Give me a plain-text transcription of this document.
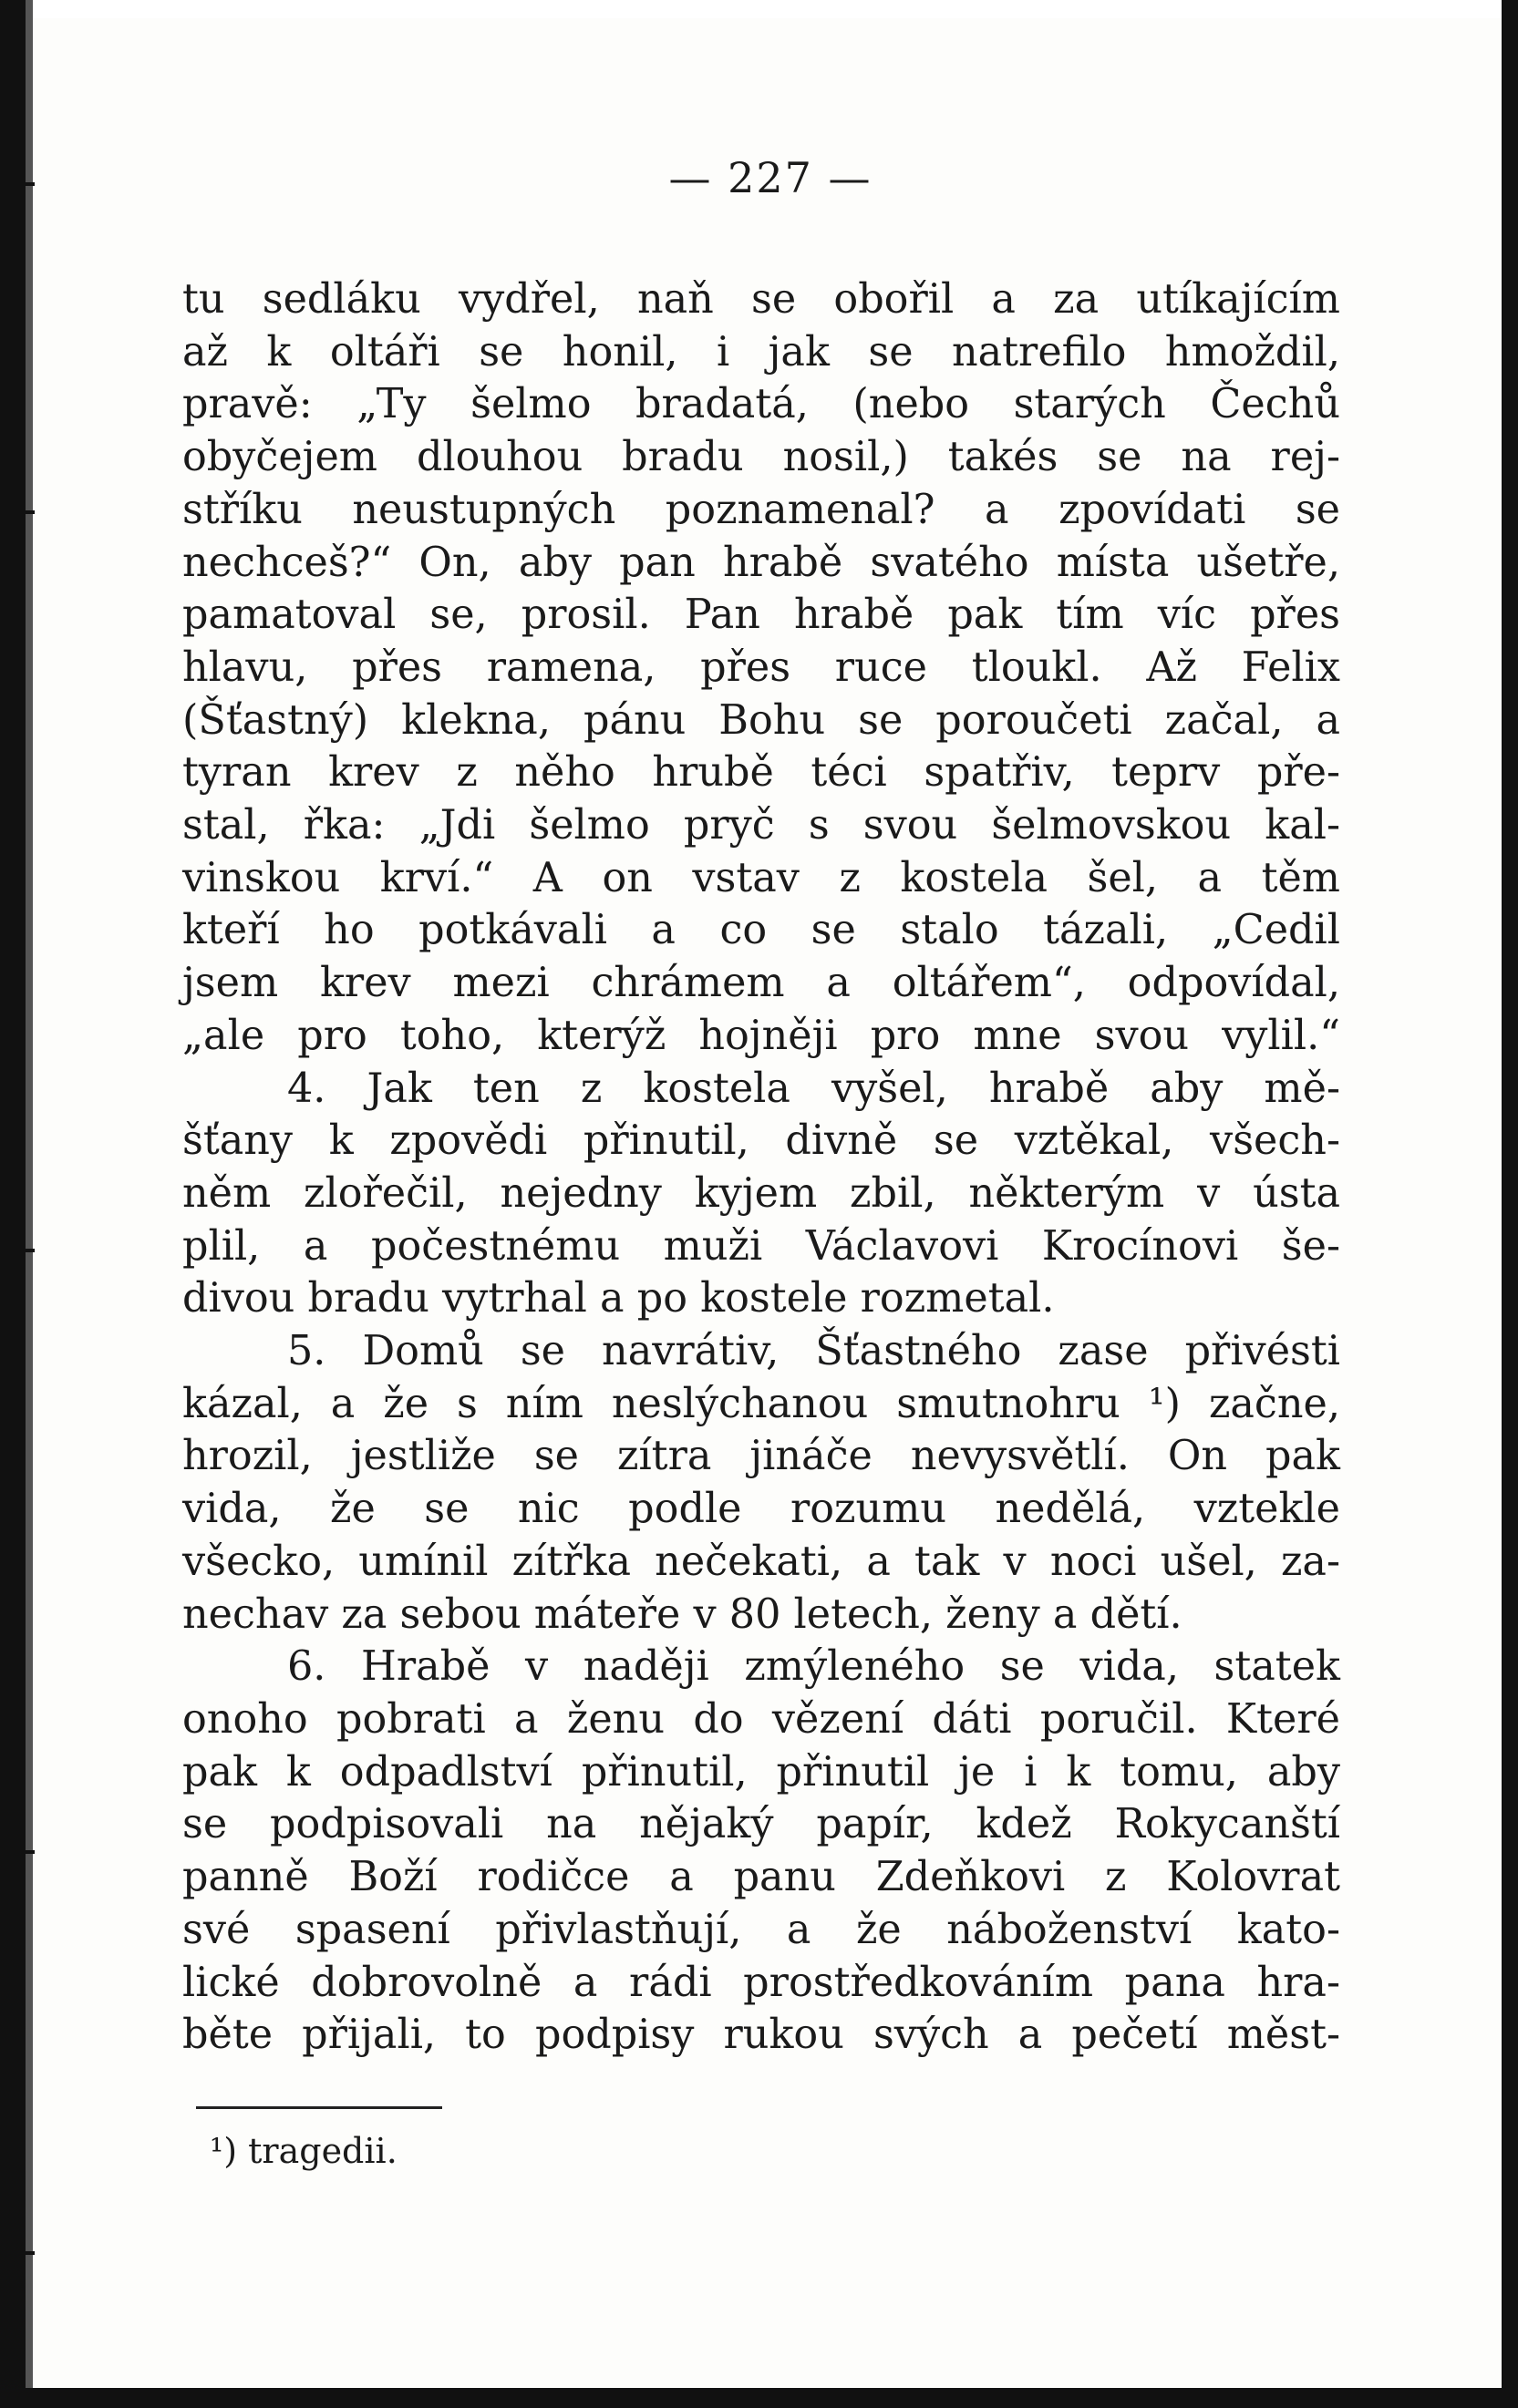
— 227 —
tu sedláku vydřel, naň se obořil a za utíkajícím
až k oltáři se honil, i jak se natrefilo hmoždil,
pravě: „Ty šelmo bradatá, (nebo starých Čechů
obyčejem dlouhou bradu nosil,) takés se na rej-
stříku neustupných poznamenal? a zpovídati se
nechceš?“ On, aby pan hrabě svatého místa ušetře,
pamatoval se, prosil. Pan hrabě pak tím víc přes
hlavu, přes ramena, přes ruce tloukl. Až Felix
(Šťastný) klekna, pánu Bohu se poroučeti začal, a
tyran krev z něho hrubě téci spatřiv, teprv pře-
stal, řka: „Jdi šelmo pryč s svou šelmovskou kal-
vinskou krví.“ A on vstav z kostela šel, a těm
kteří ho potkávali a co se stalo tázali, „Cedil
jsem krev mezi chrámem a oltářem“, odpovídal,
„ale pro toho, kterýž hojněji pro mne svou vylil.“
4. Jak ten z kostela vyšel, hrabě aby mě-
šťany k zpovědi přinutil, divně se vztěkal, všech-
něm zlořečil, nejedny kyjem zbil, některým v ústa
plil, a počestnému muži Václavovi Krocínovi še-
divou bradu vytrhal a po kostele rozmetal.
5. Domů se navrátiv, Šťastného zase přivésti
kázal, a že s ním neslýchanou smutnohru ¹) začne,
hrozil, jestliže se zítra jináče nevysvětlí. On pak
vida, že se nic podle rozumu nedělá, vztekle
všecko, umínil zítřka nečekati, a tak v noci ušel, za-
nechav za sebou máteře v 80 letech, ženy a dětí.
6. Hrabě v naději zmýleného se vida, statek
onoho pobrati a ženu do vězení dáti poručil. Které
pak k odpadlství přinutil, přinutil je i k tomu, aby
se podpisovali na nějaký papír, kdež Rokycanští
panně Boží rodičce a panu Zdeňkovi z Kolovrat
své spasení přivlastňují, a že náboženství kato-
lické dobrovolně a rádi prostředkováním pana hra-
běte přijali, to podpisy rukou svých a pečetí měst-
¹) tragedii.
